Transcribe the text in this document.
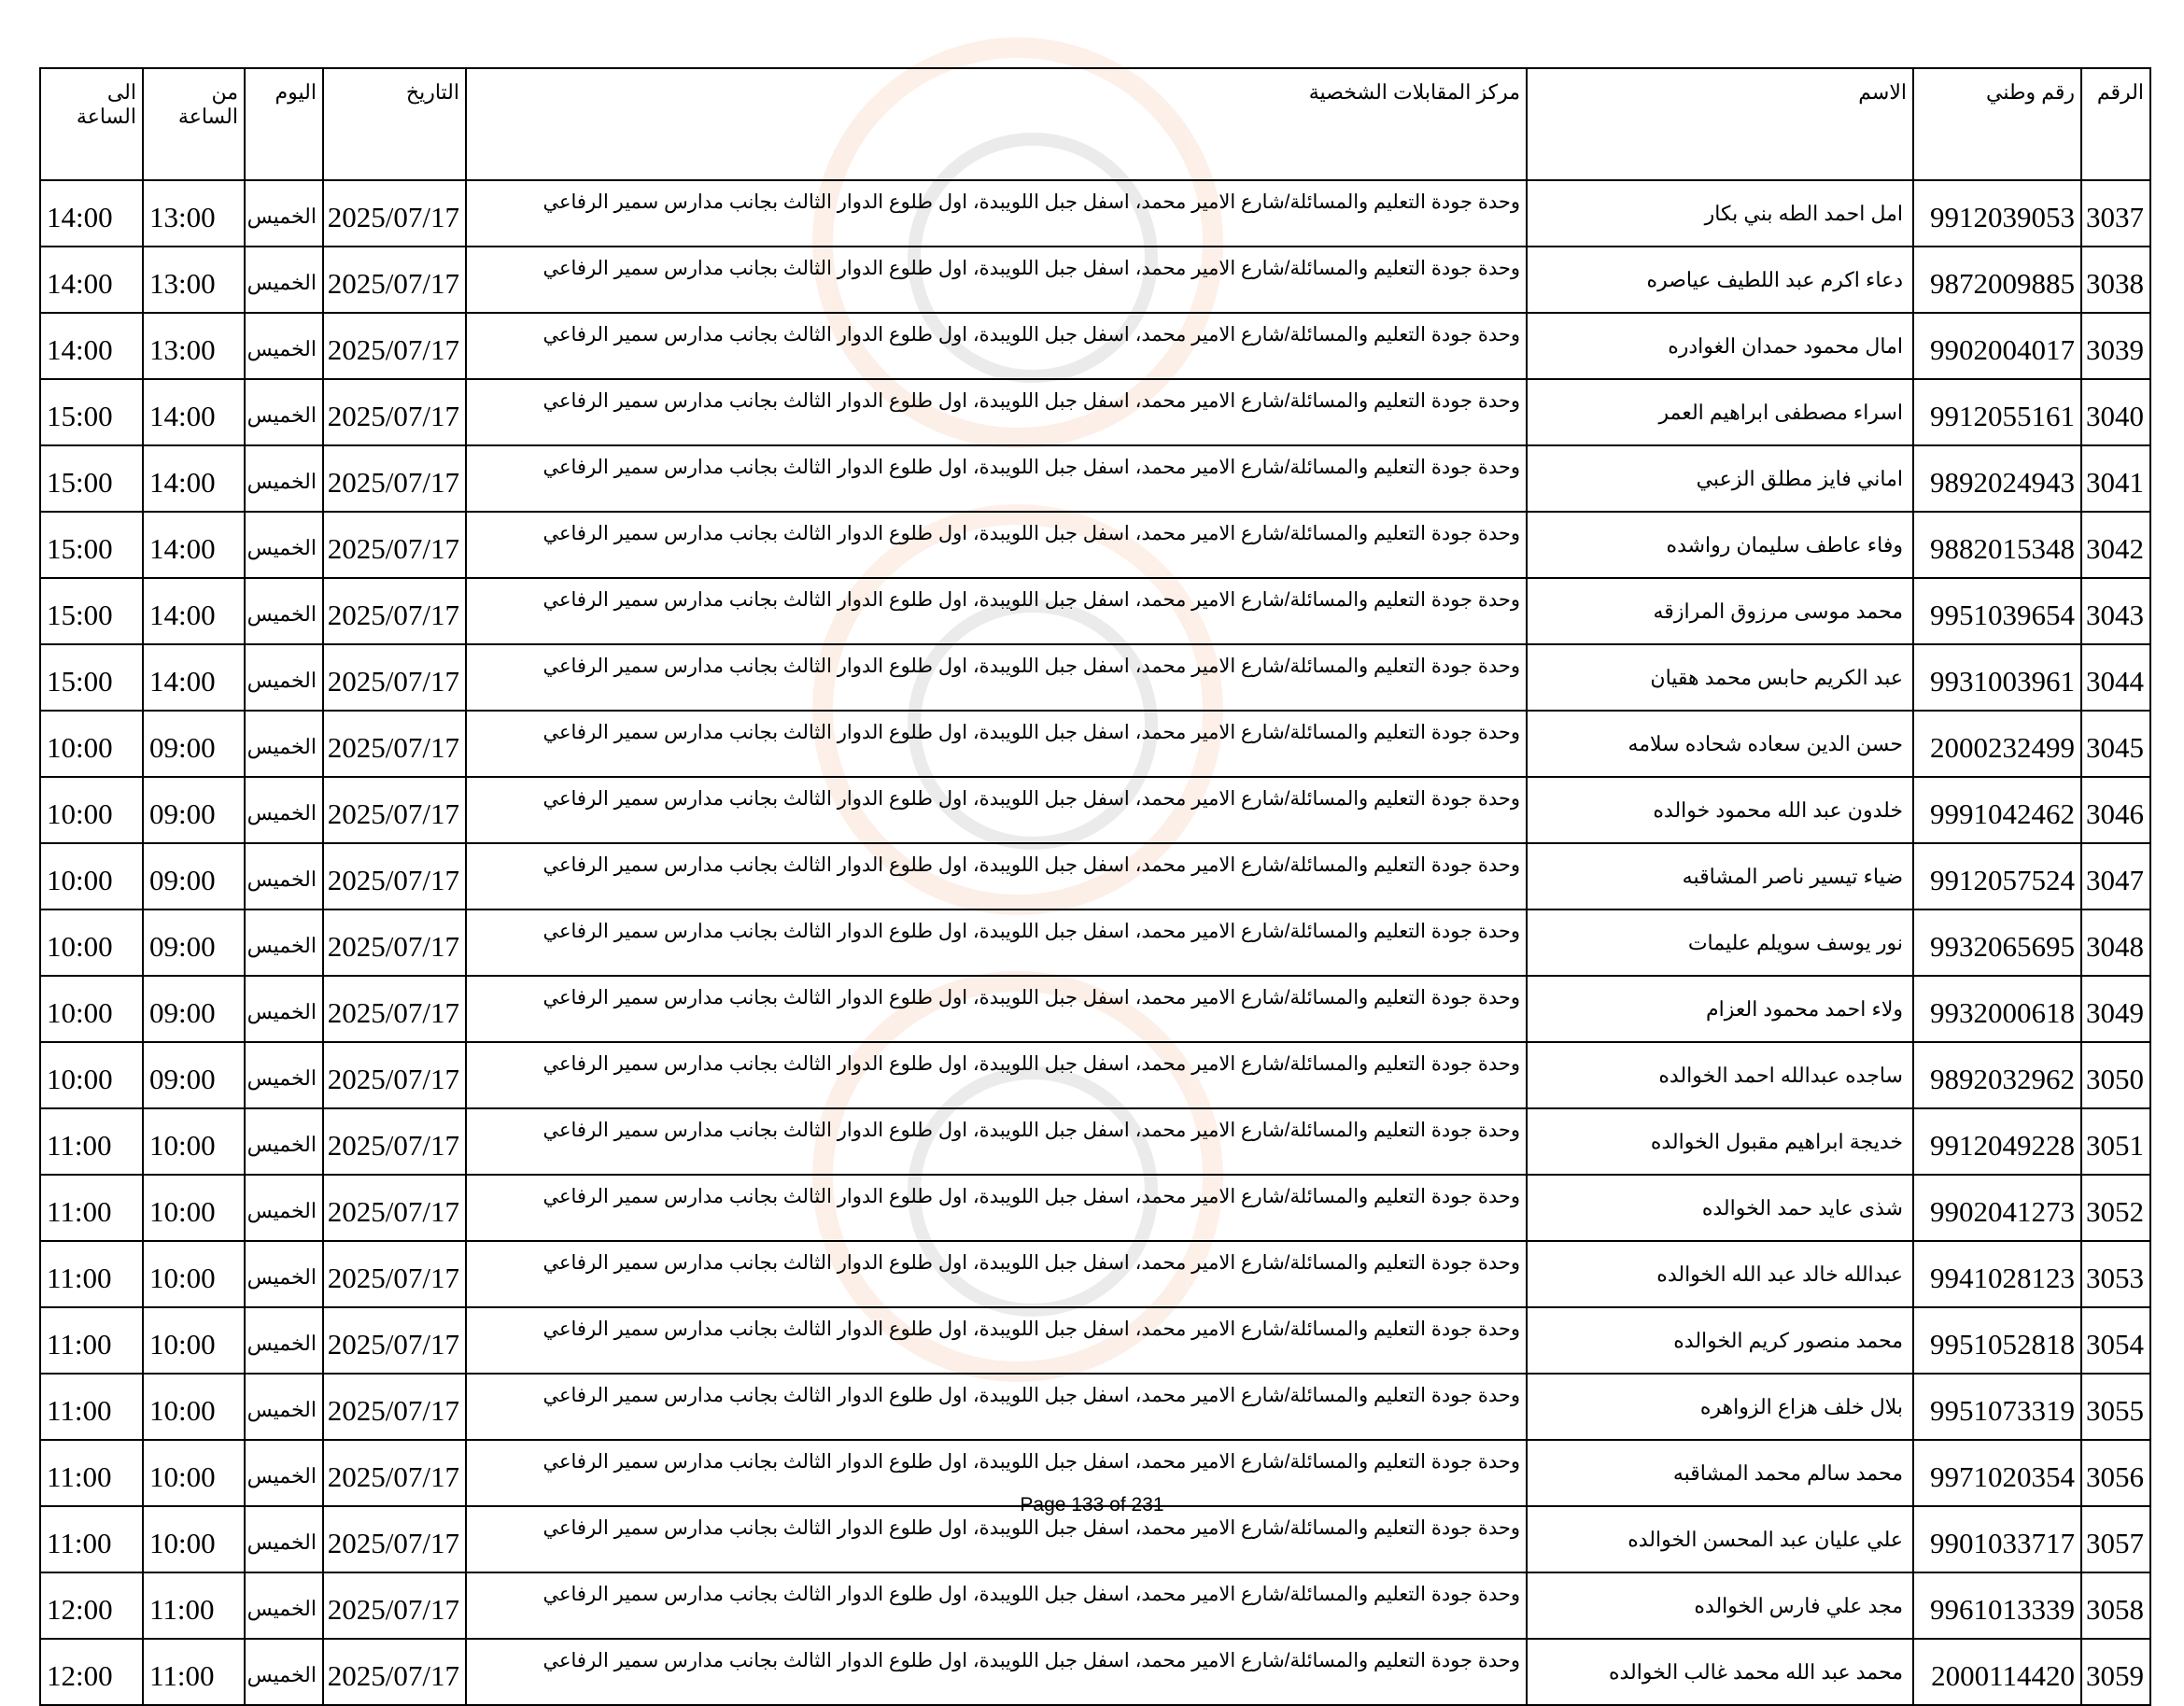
الرقم	رقم وطني	الاسم	مركز المقابلات الشخصية	التاريخ	اليوم	من الساعة	الى الساعة
3037	9912039053	امل احمد الطه بني بكار	وحدة جودة التعليم والمسائلة/شارع الامير محمد، اسفل جبل اللويبدة، اول طلوع الدوار الثالث بجانب مدارس سمير الرفاعي	2025/07/17	الخميس	13:00	14:00
3038	9872009885	دعاء اكرم عبد اللطيف عياصره	وحدة جودة التعليم والمسائلة/شارع الامير محمد، اسفل جبل اللويبدة، اول طلوع الدوار الثالث بجانب مدارس سمير الرفاعي	2025/07/17	الخميس	13:00	14:00
3039	9902004017	امال محمود حمدان الغوادره	وحدة جودة التعليم والمسائلة/شارع الامير محمد، اسفل جبل اللويبدة، اول طلوع الدوار الثالث بجانب مدارس سمير الرفاعي	2025/07/17	الخميس	13:00	14:00
3040	9912055161	اسراء مصطفى ابراهيم العمر	وحدة جودة التعليم والمسائلة/شارع الامير محمد، اسفل جبل اللويبدة، اول طلوع الدوار الثالث بجانب مدارس سمير الرفاعي	2025/07/17	الخميس	14:00	15:00
3041	9892024943	اماني فايز مطلق الزعبي	وحدة جودة التعليم والمسائلة/شارع الامير محمد، اسفل جبل اللويبدة، اول طلوع الدوار الثالث بجانب مدارس سمير الرفاعي	2025/07/17	الخميس	14:00	15:00
3042	9882015348	وفاء عاطف سليمان رواشده	وحدة جودة التعليم والمسائلة/شارع الامير محمد، اسفل جبل اللويبدة، اول طلوع الدوار الثالث بجانب مدارس سمير الرفاعي	2025/07/17	الخميس	14:00	15:00
3043	9951039654	محمد موسى مرزوق المرازقه	وحدة جودة التعليم والمسائلة/شارع الامير محمد، اسفل جبل اللويبدة، اول طلوع الدوار الثالث بجانب مدارس سمير الرفاعي	2025/07/17	الخميس	14:00	15:00
3044	9931003961	عبد الكريم حابس محمد هقيان	وحدة جودة التعليم والمسائلة/شارع الامير محمد، اسفل جبل اللويبدة، اول طلوع الدوار الثالث بجانب مدارس سمير الرفاعي	2025/07/17	الخميس	14:00	15:00
3045	2000232499	حسن الدين سعاده شحاده سلامه	وحدة جودة التعليم والمسائلة/شارع الامير محمد، اسفل جبل اللويبدة، اول طلوع الدوار الثالث بجانب مدارس سمير الرفاعي	2025/07/17	الخميس	09:00	10:00
3046	9991042462	خلدون عبد الله محمود خوالده	وحدة جودة التعليم والمسائلة/شارع الامير محمد، اسفل جبل اللويبدة، اول طلوع الدوار الثالث بجانب مدارس سمير الرفاعي	2025/07/17	الخميس	09:00	10:00
3047	9912057524	ضياء تيسير ناصر المشاقبه	وحدة جودة التعليم والمسائلة/شارع الامير محمد، اسفل جبل اللويبدة، اول طلوع الدوار الثالث بجانب مدارس سمير الرفاعي	2025/07/17	الخميس	09:00	10:00
3048	9932065695	نور يوسف سويلم عليمات	وحدة جودة التعليم والمسائلة/شارع الامير محمد، اسفل جبل اللويبدة، اول طلوع الدوار الثالث بجانب مدارس سمير الرفاعي	2025/07/17	الخميس	09:00	10:00
3049	9932000618	ولاء احمد محمود العزام	وحدة جودة التعليم والمسائلة/شارع الامير محمد، اسفل جبل اللويبدة، اول طلوع الدوار الثالث بجانب مدارس سمير الرفاعي	2025/07/17	الخميس	09:00	10:00
3050	9892032962	ساجده عبدالله احمد الخوالده	وحدة جودة التعليم والمسائلة/شارع الامير محمد، اسفل جبل اللويبدة، اول طلوع الدوار الثالث بجانب مدارس سمير الرفاعي	2025/07/17	الخميس	09:00	10:00
3051	9912049228	خديجة ابراهيم مقبول الخوالده	وحدة جودة التعليم والمسائلة/شارع الامير محمد، اسفل جبل اللويبدة، اول طلوع الدوار الثالث بجانب مدارس سمير الرفاعي	2025/07/17	الخميس	10:00	11:00
3052	9902041273	شذى عايد حمد الخوالده	وحدة جودة التعليم والمسائلة/شارع الامير محمد، اسفل جبل اللويبدة، اول طلوع الدوار الثالث بجانب مدارس سمير الرفاعي	2025/07/17	الخميس	10:00	11:00
3053	9941028123	عبدالله خالد عبد الله الخوالده	وحدة جودة التعليم والمسائلة/شارع الامير محمد، اسفل جبل اللويبدة، اول طلوع الدوار الثالث بجانب مدارس سمير الرفاعي	2025/07/17	الخميس	10:00	11:00
3054	9951052818	محمد منصور كريم الخوالده	وحدة جودة التعليم والمسائلة/شارع الامير محمد، اسفل جبل اللويبدة، اول طلوع الدوار الثالث بجانب مدارس سمير الرفاعي	2025/07/17	الخميس	10:00	11:00
3055	9951073319	بلال خلف هزاع الزواهره	وحدة جودة التعليم والمسائلة/شارع الامير محمد، اسفل جبل اللويبدة، اول طلوع الدوار الثالث بجانب مدارس سمير الرفاعي	2025/07/17	الخميس	10:00	11:00
3056	9971020354	محمد سالم محمد المشاقبه	وحدة جودة التعليم والمسائلة/شارع الامير محمد، اسفل جبل اللويبدة، اول طلوع الدوار الثالث بجانب مدارس سمير الرفاعي	2025/07/17	الخميس	10:00	11:00
3057	9901033717	علي عليان عبد المحسن الخوالده	وحدة جودة التعليم والمسائلة/شارع الامير محمد، اسفل جبل اللويبدة، اول طلوع الدوار الثالث بجانب مدارس سمير الرفاعي	2025/07/17	الخميس	10:00	11:00
3058	9961013339	مجد علي فارس الخوالده	وحدة جودة التعليم والمسائلة/شارع الامير محمد، اسفل جبل اللويبدة، اول طلوع الدوار الثالث بجانب مدارس سمير الرفاعي	2025/07/17	الخميس	11:00	12:00
3059	2000114420	محمد عبد الله محمد غالب الخوالده	وحدة جودة التعليم والمسائلة/شارع الامير محمد، اسفل جبل اللويبدة، اول طلوع الدوار الثالث بجانب مدارس سمير الرفاعي	2025/07/17	الخميس	11:00	12:00
Page 133 of 231
